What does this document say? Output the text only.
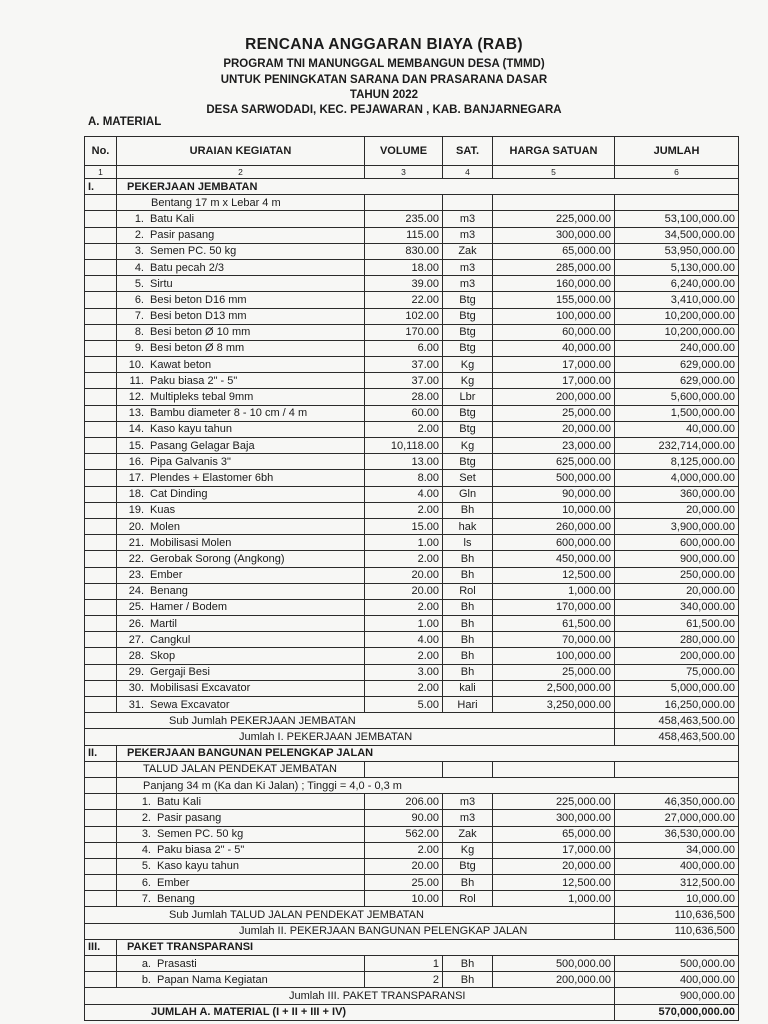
RENCANA ANGGARAN BIAYA (RAB)
PROGRAM TNI MANUNGGAL MEMBANGUN DESA (TMMD)
UNTUK PENINGKATAN SARANA DAN PRASARANA DASAR
TAHUN 2022
DESA SARWODADI, KEC. PEJAWARAN , KAB. BANJARNEGARA
A. MATERIAL
No.	URAIAN KEGIATAN	VOLUME	SAT.	HARGA SATUAN	JUMLAH
1	2	3	4	5	6
I.	PEKERJAAN JEMBATAN				
	Bentang 17 m x Lebar 4 m				
	1. Batu Kali	235.00	m3	225,000.00	53,100,000.00
	2. Pasir pasang	115.00	m3	300,000.00	34,500,000.00
	3. Semen PC. 50 kg	830.00	Zak	65,000.00	53,950,000.00
	4. Batu pecah 2/3	18.00	m3	285,000.00	5,130,000.00
	5. Sirtu	39.00	m3	160,000.00	6,240,000.00
	6. Besi beton D16 mm	22.00	Btg	155,000.00	3,410,000.00
	7. Besi beton D13 mm	102.00	Btg	100,000.00	10,200,000.00
	8. Besi beton Ø 10 mm	170.00	Btg	60,000.00	10,200,000.00
	9. Besi beton Ø 8 mm	6.00	Btg	40,000.00	240,000.00
	10. Kawat beton	37.00	Kg	17,000.00	629,000.00
	11. Paku biasa 2" - 5"	37.00	Kg	17,000.00	629,000.00
	12. Multipleks tebal 9mm	28.00	Lbr	200,000.00	5,600,000.00
	13. Bambu diameter 8 - 10 cm / 4 m	60.00	Btg	25,000.00	1,500,000.00
	14. Kaso kayu tahun	2.00	Btg	20,000.00	40,000.00
	15. Pasang Gelagar Baja	10,118.00	Kg	23,000.00	232,714,000.00
	16. Pipa Galvanis 3"	13.00	Btg	625,000.00	8,125,000.00
	17. Plendes + Elastomer 6bh	8.00	Set	500,000.00	4,000,000.00
	18. Cat Dinding	4.00	Gln	90,000.00	360,000.00
	19. Kuas	2.00	Bh	10,000.00	20,000.00
	20. Molen	15.00	hak	260,000.00	3,900,000.00
	21. Mobilisasi Molen	1.00	ls	600,000.00	600,000.00
	22. Gerobak Sorong (Angkong)	2.00	Bh	450,000.00	900,000.00
	23. Ember	20.00	Bh	12,500.00	250,000.00
	24. Benang	20.00	Rol	1,000.00	20,000.00
	25. Hamer / Bodem	2.00	Bh	170,000.00	340,000.00
	26. Martil	1.00	Bh	61,500.00	61,500.00
	27. Cangkul	4.00	Bh	70,000.00	280,000.00
	28. Skop	2.00	Bh	100,000.00	200,000.00
	29. Gergaji Besi	3.00	Bh	25,000.00	75,000.00
	30. Mobilisasi Excavator	2.00	kali	2,500,000.00	5,000,000.00
	31. Sewa Excavator	5.00	Hari	3,250,000.00	16,250,000.00
Sub Jumlah PEKERJAAN JEMBATAN					458,463,500.00
Jumlah I. PEKERJAAN JEMBATAN					458,463,500.00
II.	PEKERJAAN BANGUNAN PELENGKAP JALAN				
	TALUD JALAN PENDEKAT JEMBATAN				
	Panjang 34 m (Ka dan Ki Jalan) ; Tinggi = 4,0 - 0,3 m				
	1. Batu Kali	206.00	m3	225,000.00	46,350,000.00
	2. Pasir pasang	90.00	m3	300,000.00	27,000,000.00
	3. Semen PC. 50 kg	562.00	Zak	65,000.00	36,530,000.00
	4. Paku biasa 2" - 5"	2.00	Kg	17,000.00	34,000.00
	5. Kaso kayu tahun	20.00	Btg	20,000.00	400,000.00
	6. Ember	25.00	Bh	12,500.00	312,500.00
	7. Benang	10.00	Rol	1,000.00	10,000.00
Sub Jumlah TALUD JALAN PENDEKAT JEMBATAN					110,636,500
Jumlah II. PEKERJAAN BANGUNAN PELENGKAP JALAN					110,636,500
III.	PAKET TRANSPARANSI				
	a. Prasasti	1	Bh	500,000.00	500,000.00
	b. Papan Nama Kegiatan	2	Bh	200,000.00	400,000.00
Jumlah III. PAKET TRANSPARANSI					900,000.00
JUMLAH A. MATERIAL (I + II + III + IV)					570,000,000.00
